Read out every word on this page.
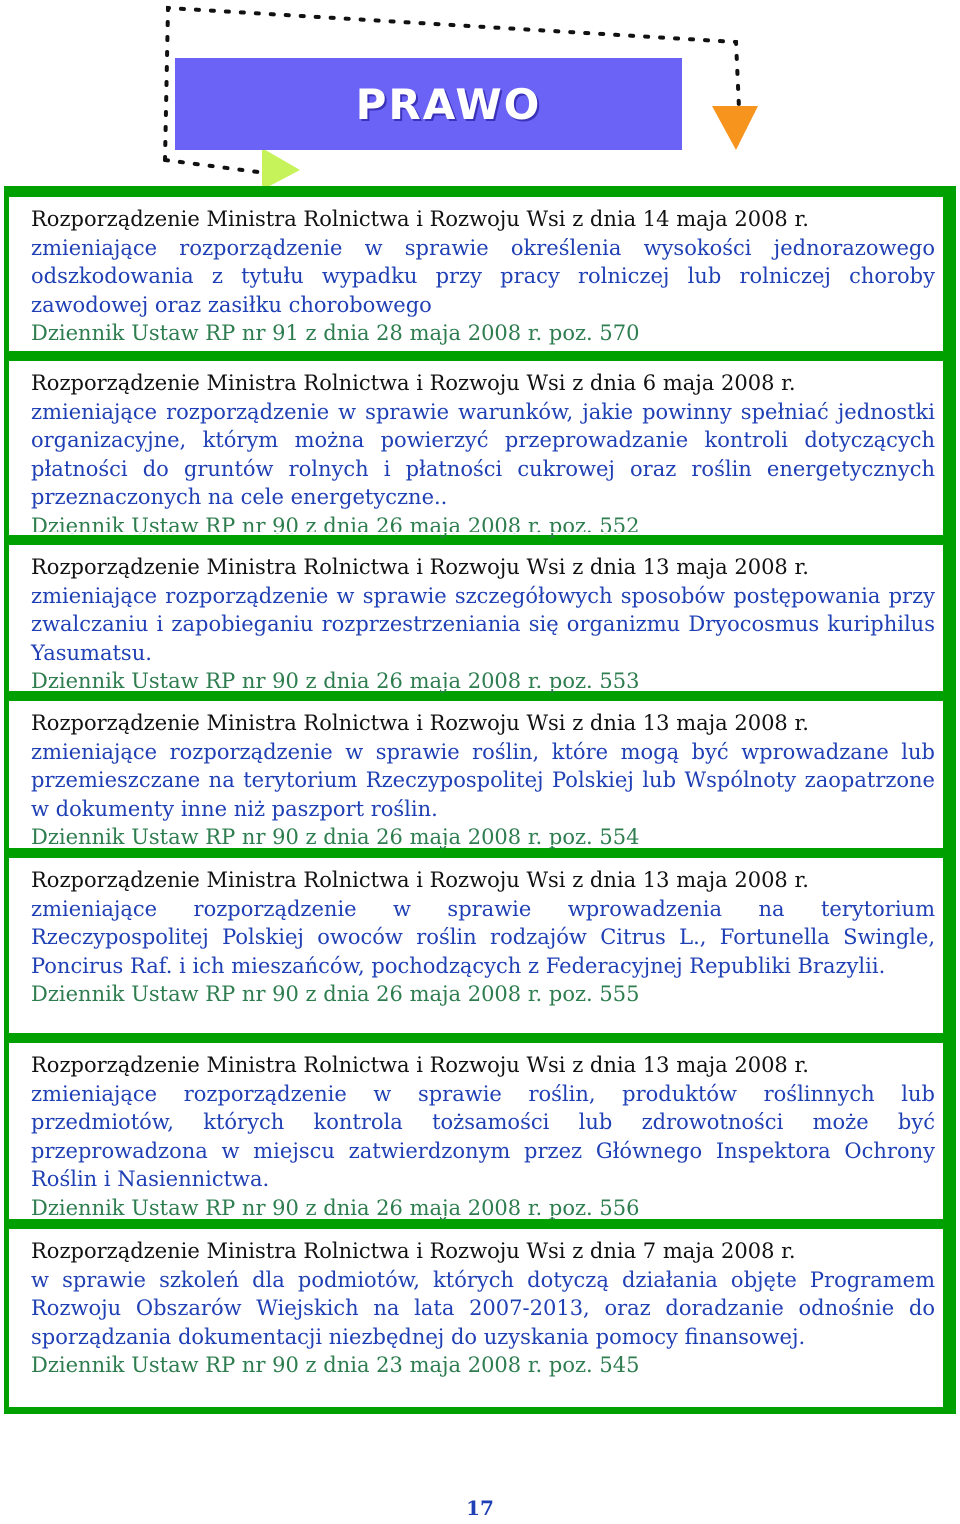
PRAWO
Rozporządzenie Ministra Rolnictwa i Rozwoju Wsi z dnia 14 maja 2008 r.
zmieniające rozporządzenie w sprawie określenia wysokości jednorazowego odszkodowania z tytułu wypadku przy pracy rolniczej lub rolniczej choroby zawodowej oraz zasiłku chorobowego
Dziennik Ustaw RP nr 91 z dnia 28 maja 2008 r. poz. 570
Rozporządzenie Ministra Rolnictwa i Rozwoju Wsi z dnia 6 maja 2008 r.
zmieniające rozporządzenie w sprawie warunków, jakie powinny spełniać jednostki organizacyjne, którym można powierzyć przeprowadzanie kontroli dotyczących płatności do gruntów rolnych i płatności cukrowej oraz roślin energetycznych przeznaczonych na cele energetyczne..
Dziennik Ustaw RP nr 90 z dnia 26 maja 2008 r. poz. 552
Rozporządzenie Ministra Rolnictwa i Rozwoju Wsi z dnia 13 maja 2008 r.
zmieniające rozporządzenie w sprawie szczegółowych sposobów postępowania przy zwalczaniu i zapobieganiu rozprzestrzeniania się organizmu Dryocosmus kuriphilus Yasumatsu.
Dziennik Ustaw RP nr 90 z dnia 26 maja 2008 r. poz. 553
Rozporządzenie Ministra Rolnictwa i Rozwoju Wsi z dnia 13 maja 2008 r.
zmieniające rozporządzenie w sprawie roślin, które mogą być wprowadzane lub przemieszczane na terytorium Rzeczypospolitej Polskiej lub Wspólnoty zaopatrzone w dokumenty inne niż paszport roślin.
Dziennik Ustaw RP nr 90 z dnia 26 maja 2008 r. poz. 554
Rozporządzenie Ministra Rolnictwa i Rozwoju Wsi z dnia 13 maja 2008 r.
zmieniające rozporządzenie w sprawie wprowadzenia na terytorium Rzeczypospolitej Polskiej owoców roślin rodzajów Citrus L., Fortunella Swingle, Poncirus Raf. i ich mieszańców, pochodzących z Federacyjnej Republiki Brazylii.
Dziennik Ustaw RP nr 90 z dnia 26 maja 2008 r. poz. 555
Rozporządzenie Ministra Rolnictwa i Rozwoju Wsi z dnia 13 maja 2008 r.
zmieniające rozporządzenie w sprawie roślin, produktów roślinnych lub przedmiotów, których kontrola tożsamości lub zdrowotności może być przeprowadzona w miejscu zatwierdzonym przez Głównego Inspektora Ochrony Roślin i Nasiennictwa.
Dziennik Ustaw RP nr 90 z dnia 26 maja 2008 r. poz. 556
Rozporządzenie Ministra Rolnictwa i Rozwoju Wsi z dnia 7 maja 2008 r.
w sprawie szkoleń dla podmiotów, których dotyczą działania objęte Programem Rozwoju Obszarów Wiejskich na lata 2007-2013, oraz doradzanie odnośnie do sporządzania dokumentacji niezbędnej do uzyskania pomocy finansowej.
Dziennik Ustaw RP nr 90 z dnia 23 maja 2008 r. poz. 545
17
